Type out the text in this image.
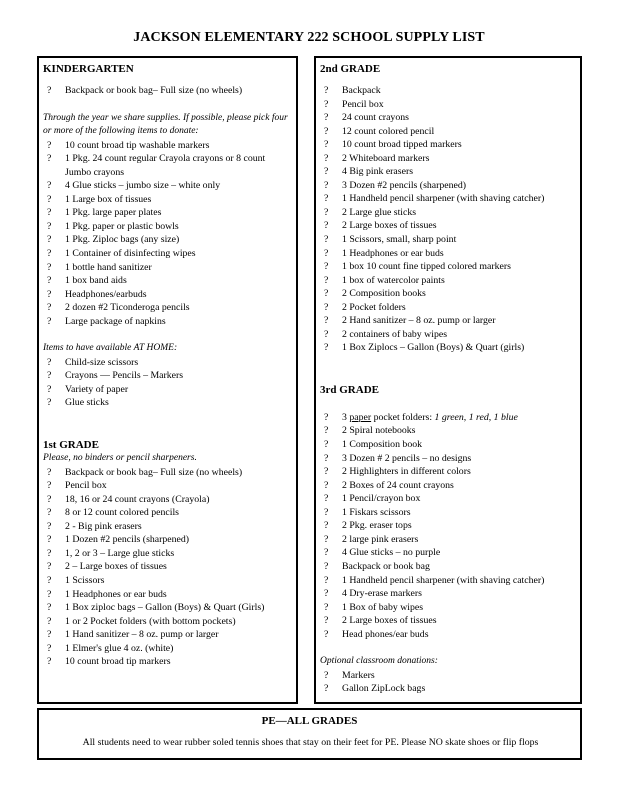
JACKSON ELEMENTARY 222 SCHOOL SUPPLY LIST
KINDERGARTEN
?	Backpack or book bag– Full size (no wheels)
Through the year we share supplies. If possible, please pick four or more of the following items to donate:
?	10 count broad tip washable markers
?	1 Pkg. 24 count regular Crayola crayons or 8 count Jumbo crayons
?	4 Glue sticks – jumbo size – white only
?	1 Large box of tissues
?	1 Pkg. large paper plates
?	1 Pkg. paper or plastic bowls
?	1 Pkg. Ziploc bags (any size)
?	1 Container of disinfecting wipes
?	1 bottle hand sanitizer
?	1 box band aids
?	Headphones/earbuds
?	2 dozen #2 Ticonderoga pencils
?	Large package of napkins
Items to have available AT HOME:
?	Child-size scissors
?	Crayons — Pencils – Markers
?	Variety of paper
?	Glue sticks
1st GRADE
Please, no binders or pencil sharpeners.
?	Backpack or book bag– Full size (no wheels)
?	Pencil box
?	18, 16 or 24 count crayons (Crayola)
?	8 or 12 count colored pencils
?	2 - Big pink erasers
?	1 Dozen #2 pencils (sharpened)
?	1, 2 or 3 – Large glue sticks
?	2 – Large boxes of tissues
?	1 Scissors
?	1 Headphones or ear buds
?	1 Box ziploc bags – Gallon (Boys) & Quart (Girls)
?	1 or 2 Pocket folders (with bottom pockets)
?	1 Hand sanitizer – 8 oz. pump or larger
?	1 Elmer's glue 4 oz. (white)
?	10 count broad tip markers
2nd GRADE
?	Backpack
?	Pencil box
?	24 count crayons
?	12 count colored pencil
?	10 count broad tipped markers
?	2 Whiteboard markers
?	4 Big pink erasers
?	3 Dozen #2 pencils (sharpened)
?	1 Handheld pencil sharpener (with shaving catcher)
?	2 Large glue sticks
?	2 Large boxes of tissues
?	1 Scissors, small, sharp point
?	1 Headphones or ear buds
?	1 box 10 count fine tipped colored markers
?	1 box of watercolor paints
?	2 Composition books
?	2 Pocket folders
?	2 Hand sanitizer – 8 oz. pump or larger
?	2 containers of baby wipes
?	1 Box Ziplocs – Gallon (Boys) & Quart (girls)
3rd GRADE
?	3 paper pocket folders: 1 green, 1 red, 1 blue
?	2 Spiral notebooks
?	1 Composition book
?	3 Dozen # 2 pencils – no designs
?	2 Highlighters in different colors
?	2 Boxes of 24 count crayons
?	1 Pencil/crayon box
?	1 Fiskars scissors
?	2 Pkg. eraser tops
?	2 large pink erasers
?	4 Glue sticks – no purple
?	Backpack or book bag
?	1 Handheld pencil sharpener (with shaving catcher)
?	4 Dry-erase markers
?	1 Box of baby wipes
?	2 Large boxes of tissues
?	Head phones/ear buds
Optional classroom donations:
?	Markers
?	Gallon ZipLock bags
PE—ALL GRADES
All students need to wear rubber soled tennis shoes that stay on their feet for PE. Please NO skate shoes or flip flops
